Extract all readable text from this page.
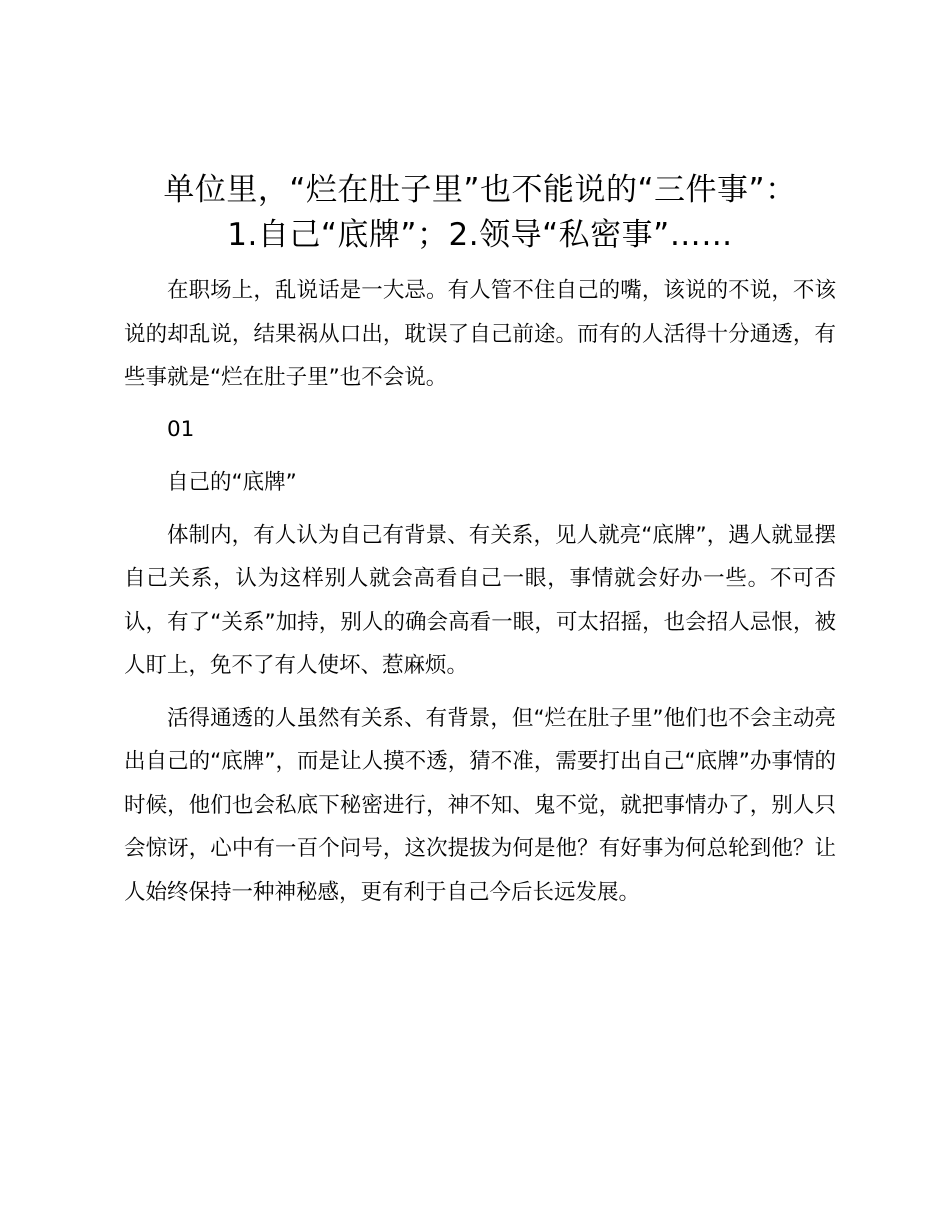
单位里，“烂在肚子里”也不能说的“三件事”：
1.自己“底牌”；2.领导“私密事”……

在职场上，乱说话是一大忌。有人管不住自己的嘴，该说的不说，不该说的却乱说，结果祸从口出，耽误了自己前途。而有的人活得十分通透，有些事就是“烂在肚子里”也不会说。

01

自己的“底牌”

体制内，有人认为自己有背景、有关系，见人就亮“底牌”，遇人就显摆自己关系，认为这样别人就会高看自己一眼，事情就会好办一些。不可否认，有了“关系”加持，别人的确会高看一眼，可太招摇，也会招人忌恨，被人盯上，免不了有人使坏、惹麻烦。

活得通透的人虽然有关系、有背景，但“烂在肚子里”他们也不会主动亮出自己的“底牌”，而是让人摸不透，猜不准，需要打出自己“底牌”办事情的时候，他们也会私底下秘密进行，神不知、鬼不觉，就把事情办了，别人只会惊讶，心中有一百个问号，这次提拔为何是他？有好事为何总轮到他？让人始终保持一种神秘感，更有利于自己今后长远发展。
